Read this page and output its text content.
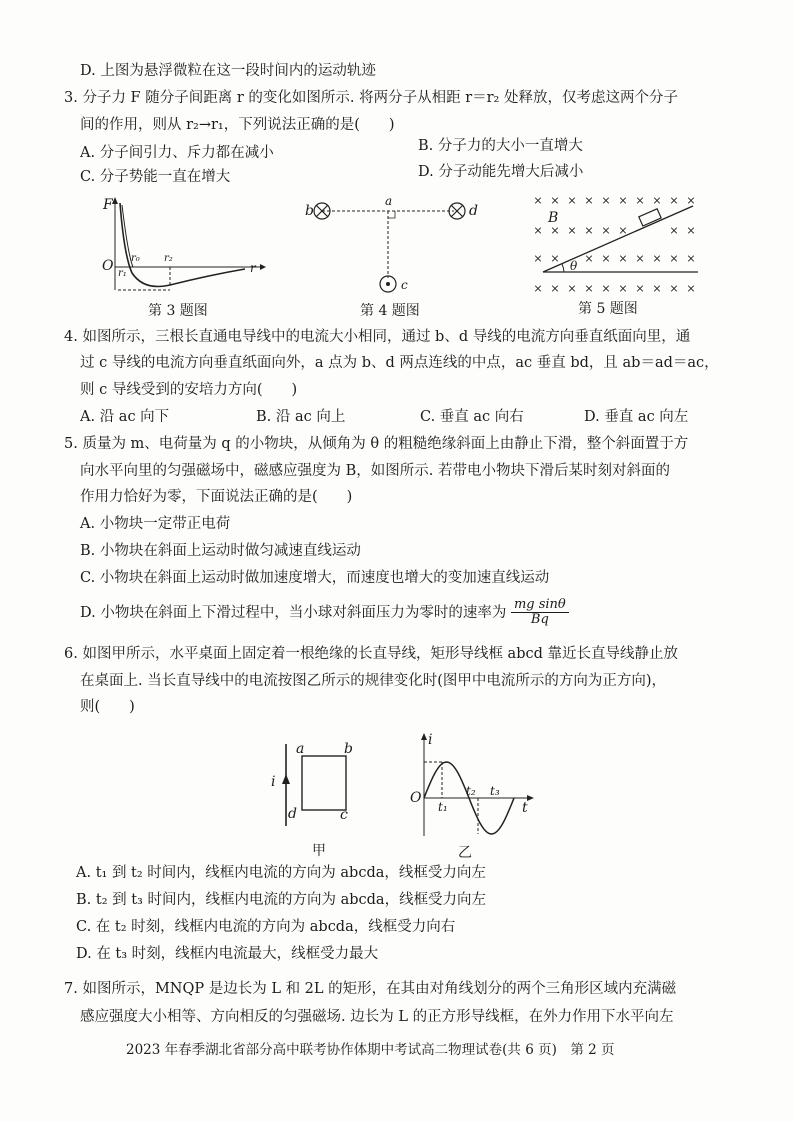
D. 上图为悬浮微粒在这一段时间内的运动轨迹
3. 分子力 F 随分子间距离 r 的变化如图所示. 将两分子从相距 r＝r₂ 处释放，仅考虑这两个分子
间的作用，则从 r₂→r₁，下列说法正确的是(　　)
A. 分子间引力、斥力都在减小	B. 分子力的大小一直增大
C. 分子势能一直在增大	D. 分子动能先增大后减小
4. 如图所示，三根长直通电导线中的电流大小相同，通过 b、d 导线的电流方向垂直纸面向里，通
过 c 导线的电流方向垂直纸面向外，a 点为 b、d 两点连线的中点，ac 垂直 bd，且 ab＝ad＝ac，
则 c 导线受到的安培力方向(　　)
A. 沿 ac 向下	B. 沿 ac 向上	C. 垂直 ac 向右	D. 垂直 ac 向左
5. 质量为 m、电荷量为 q 的小物块，从倾角为 θ 的粗糙绝缘斜面上由静止下滑，整个斜面置于方
向水平向里的匀强磁场中，磁感应强度为 B，如图所示. 若带电小物块下滑后某时刻对斜面的
作用力恰好为零，下面说法正确的是(　　)
A. 小物块一定带正电荷
B. 小物块在斜面上运动时做匀减速直线运动
C. 小物块在斜面上运动时做加速度增大，而速度也增大的变加速直线运动
D. 小物块在斜面上下滑过程中，当小球对斜面压力为零时的速率为 $\frac{\text{mg sinθ}}{Bq}$
6. 如图甲所示，水平桌面上固定着一根绝缘的长直导线，矩形导线框 abcd 靠近长直导线静止放
在桌面上. 当长直导线中的电流按图乙所示的规律变化时(图甲中电流所示的方向为正方向)，
则(　　)
A. t₁ 到 t₂ 时间内，线框内电流的方向为 abcda，线框受力向左
B. t₂ 到 t₃ 时间内，线框内电流的方向为 abcda，线框受力向左
C. 在 t₂ 时刻，线框内电流的方向为 abcda，线框受力向右
D. 在 t₃ 时刻，线框内电流最大，线框受力最大
7. 如图所示，MNQP 是边长为 L 和 2L 的矩形，在其由对角线划分的两个三角形区域内充满磁
感应强度大小相等、方向相反的匀强磁场. 边长为 L 的正方形导线框，在外力作用下水平向左
2023 年春季湖北省部分高中联考协作体期中考试高二物理试卷(共 6 页)　第 2 页
F
r
O r₀
r₁
r₂
第 3 题图
b
a
d
c
第 4 题图
× × × × × × × × × ×
× × × × × ×	× ×
× × × × × × × × ×
× × × × × × × × × ×
B
θ
第 5 题图
i
a	b
d	c
甲
i
t
O
t₁
t₂ t₃
乙
